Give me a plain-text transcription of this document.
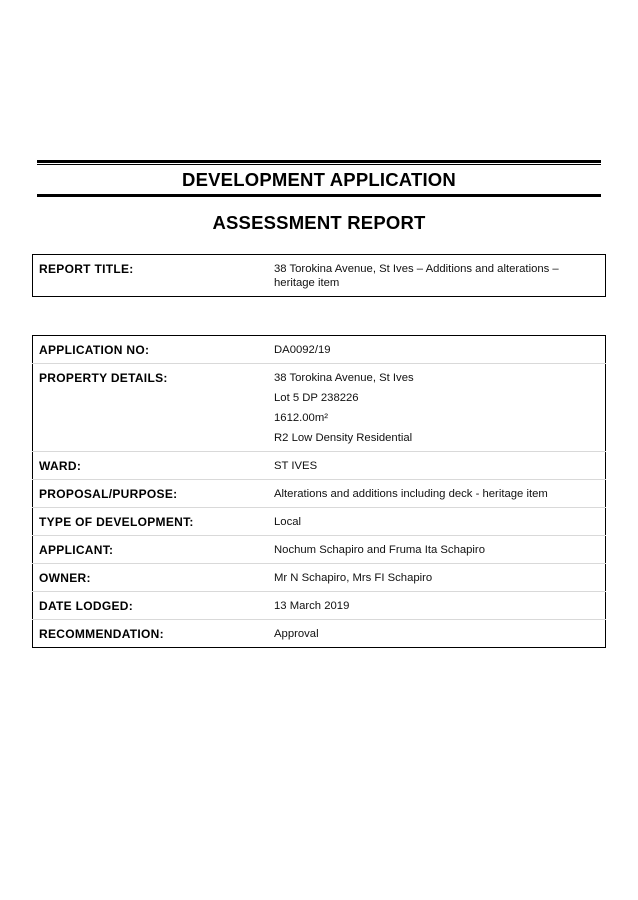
DEVELOPMENT APPLICATION
ASSESSMENT REPORT
REPORT TITLE:	38 Torokina Avenue, St Ives – Additions and alterations –
heritage item
APPLICATION NO:	DA0092/19
PROPERTY DETAILS:	38 Torokina Avenue, St Ives
Lot 5 DP 238226
1612.00m²
R2 Low Density Residential

WARD:	ST IVES
PROPOSAL/PURPOSE:	Alterations and additions including deck - heritage item
TYPE OF DEVELOPMENT:	Local
APPLICANT:	Nochum Schapiro and Fruma Ita Schapiro
OWNER:	Mr N Schapiro, Mrs FI Schapiro
DATE LODGED:	13 March 2019
RECOMMENDATION:	Approval
